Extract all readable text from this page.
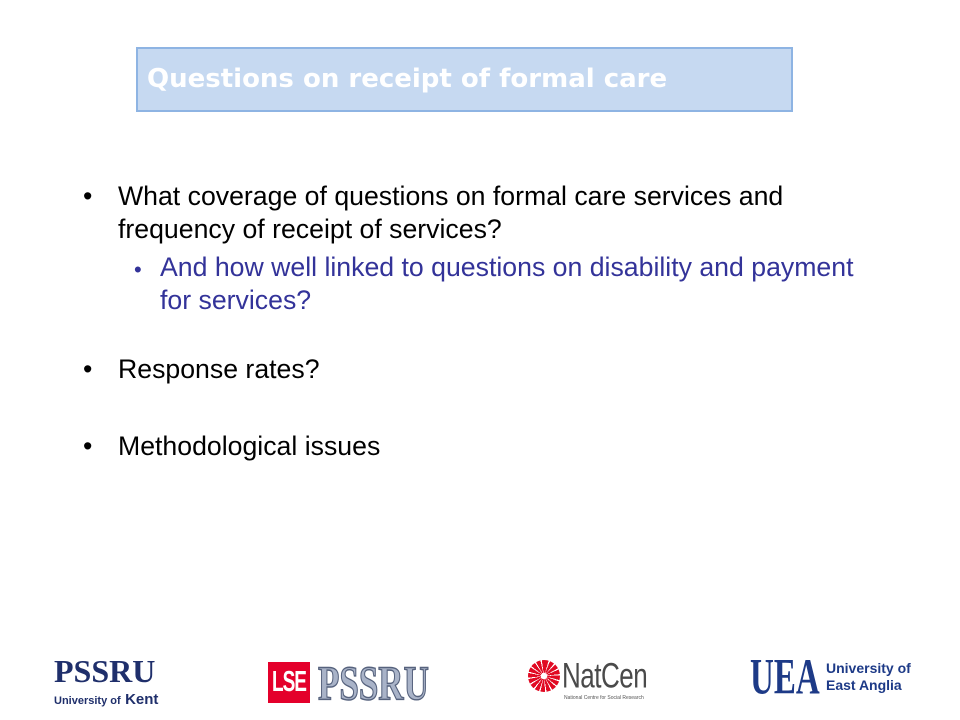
Questions on receipt of formal care
• What coverage of questions on formal care services and
frequency of receipt of services?
• And how well linked to questions on disability and payment
for services?
• Response rates?
• Methodological issues
PSSRU
University of Kent
LSE PSSRU	NatCen
National Centre for Social Research	UEA University of
East Anglia
